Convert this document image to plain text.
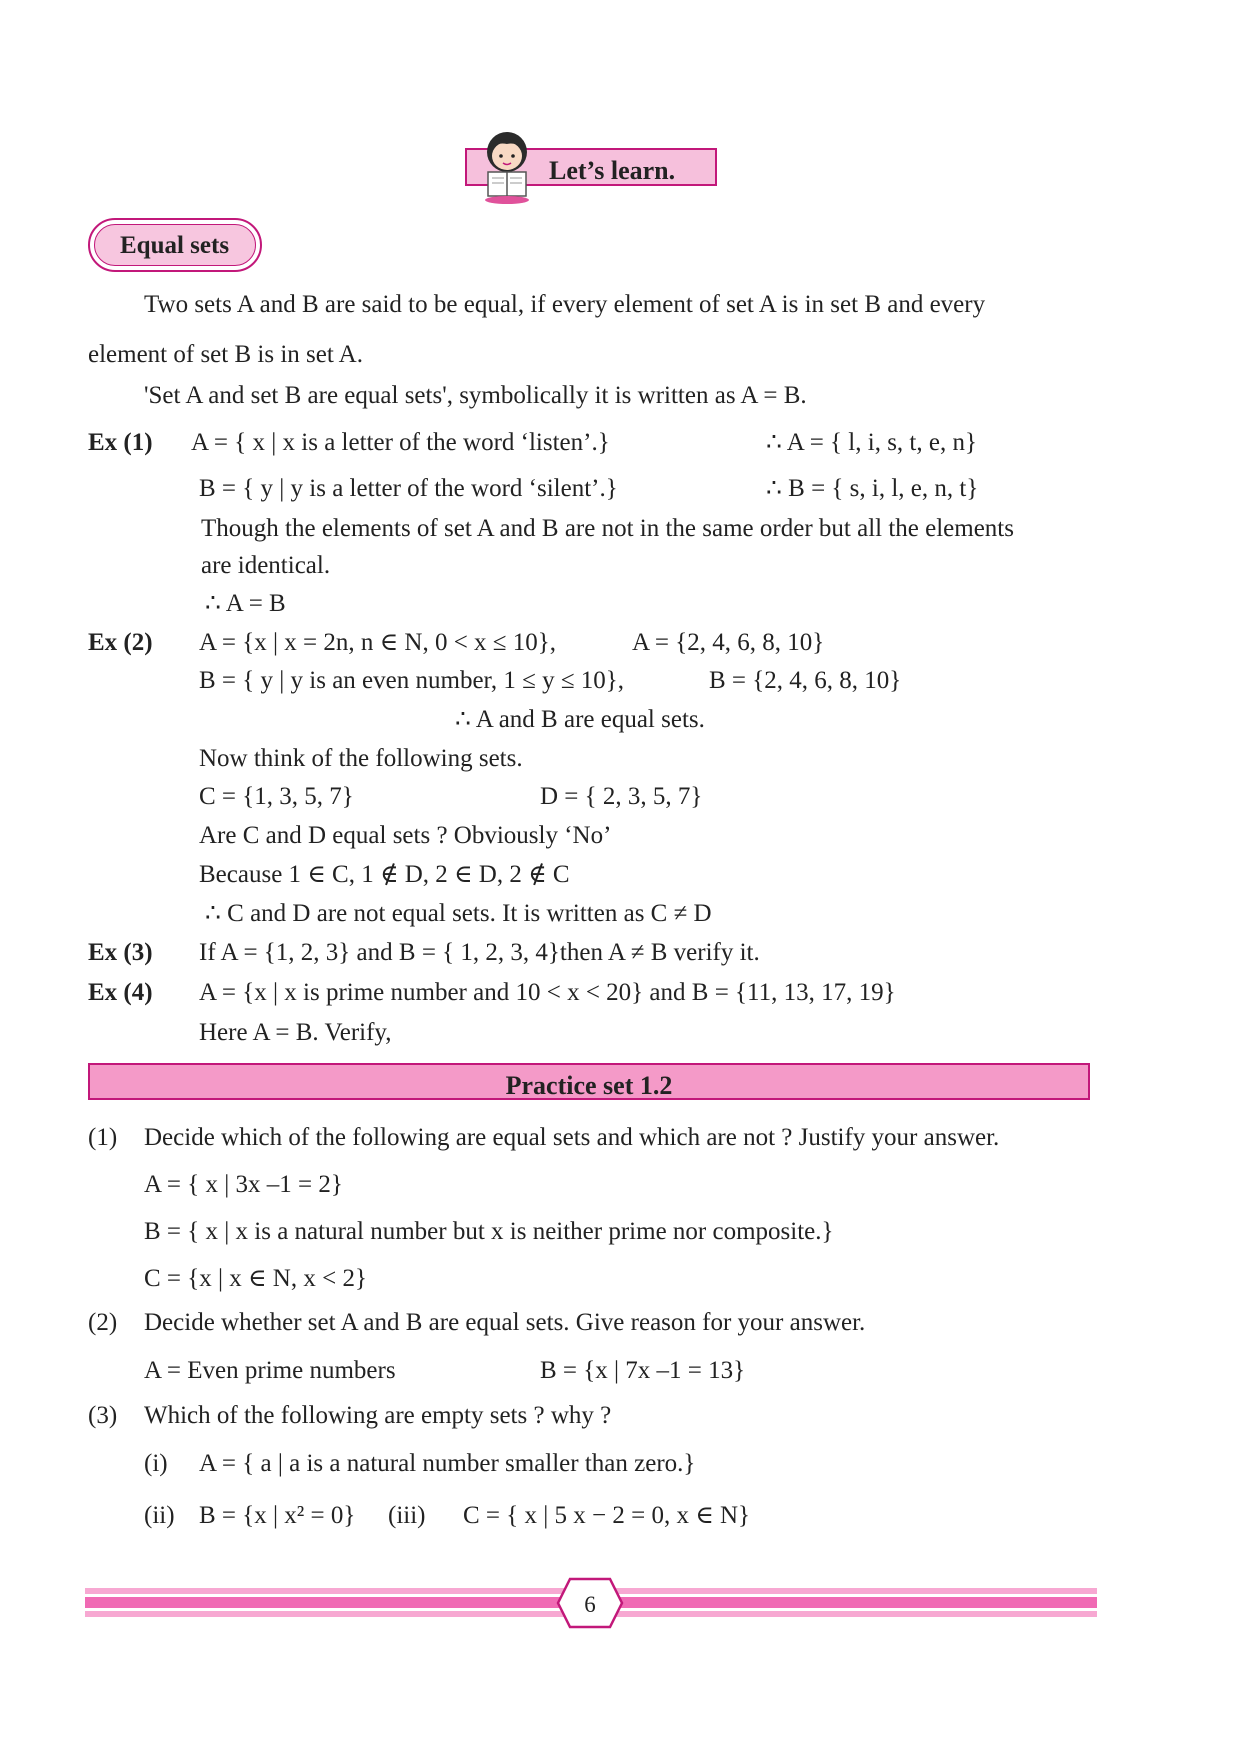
Let’s learn.
Equal sets
Two sets A and B are said to be equal, if every element of set A is in set B and every
element of set B is in set A.
'Set A and set B are equal sets', symbolically it is written as A = B.
Ex (1) A = { x | x is a letter of the word ‘listen’.}	∴ A = { l, i, s, t, e, n}
B = { y | y is a letter of the word ‘silent’.}	∴ B = { s, i, l, e, n, t}
Though the elements of set A and B are not in the same order but all the elements
are identical.
∴ A = B
Ex (2) A = {x | x = 2n, n ∈ N, 0 < x ≤ 10},	A = {2, 4, 6, 8, 10}
B = { y | y is an even number, 1 ≤ y ≤ 10},	B = {2, 4, 6, 8, 10}
∴ A and B are equal sets.
Now think of the following sets.
C = {1, 3, 5, 7}	D = { 2, 3, 5, 7}
Are C and D equal sets ? Obviously ‘No’
Because 1 ∈ C, 1 ∉ D, 2 ∈ D, 2 ∉ C
∴ C and D are not equal sets. It is written as C ≠ D
Ex (3) If A = {1, 2, 3} and B = { 1, 2, 3, 4}then A ≠ B verify it.
Ex (4) A = {x | x is prime number and 10 < x < 20} and B = {11, 13, 17, 19}
Here A = B. Verify,
Practice set 1.2
(1) Decide which of the following are equal sets and which are not ? Justify your answer.
A = { x | 3x –1 = 2}
B = { x | x is a natural number but x is neither prime nor composite.}
C = {x | x ∈ N, x < 2}
(2) Decide whether set A and B are equal sets. Give reason for your answer.
A = Even prime numbers	B = {x | 7x –1 = 13}
(3) Which of the following are empty sets ? why ?
(i) A = { a | a is a natural number smaller than zero.}
(ii) B = {x | x² = 0} (iii) C = { x | 5 x − 2 = 0, x ∈ N}
6
